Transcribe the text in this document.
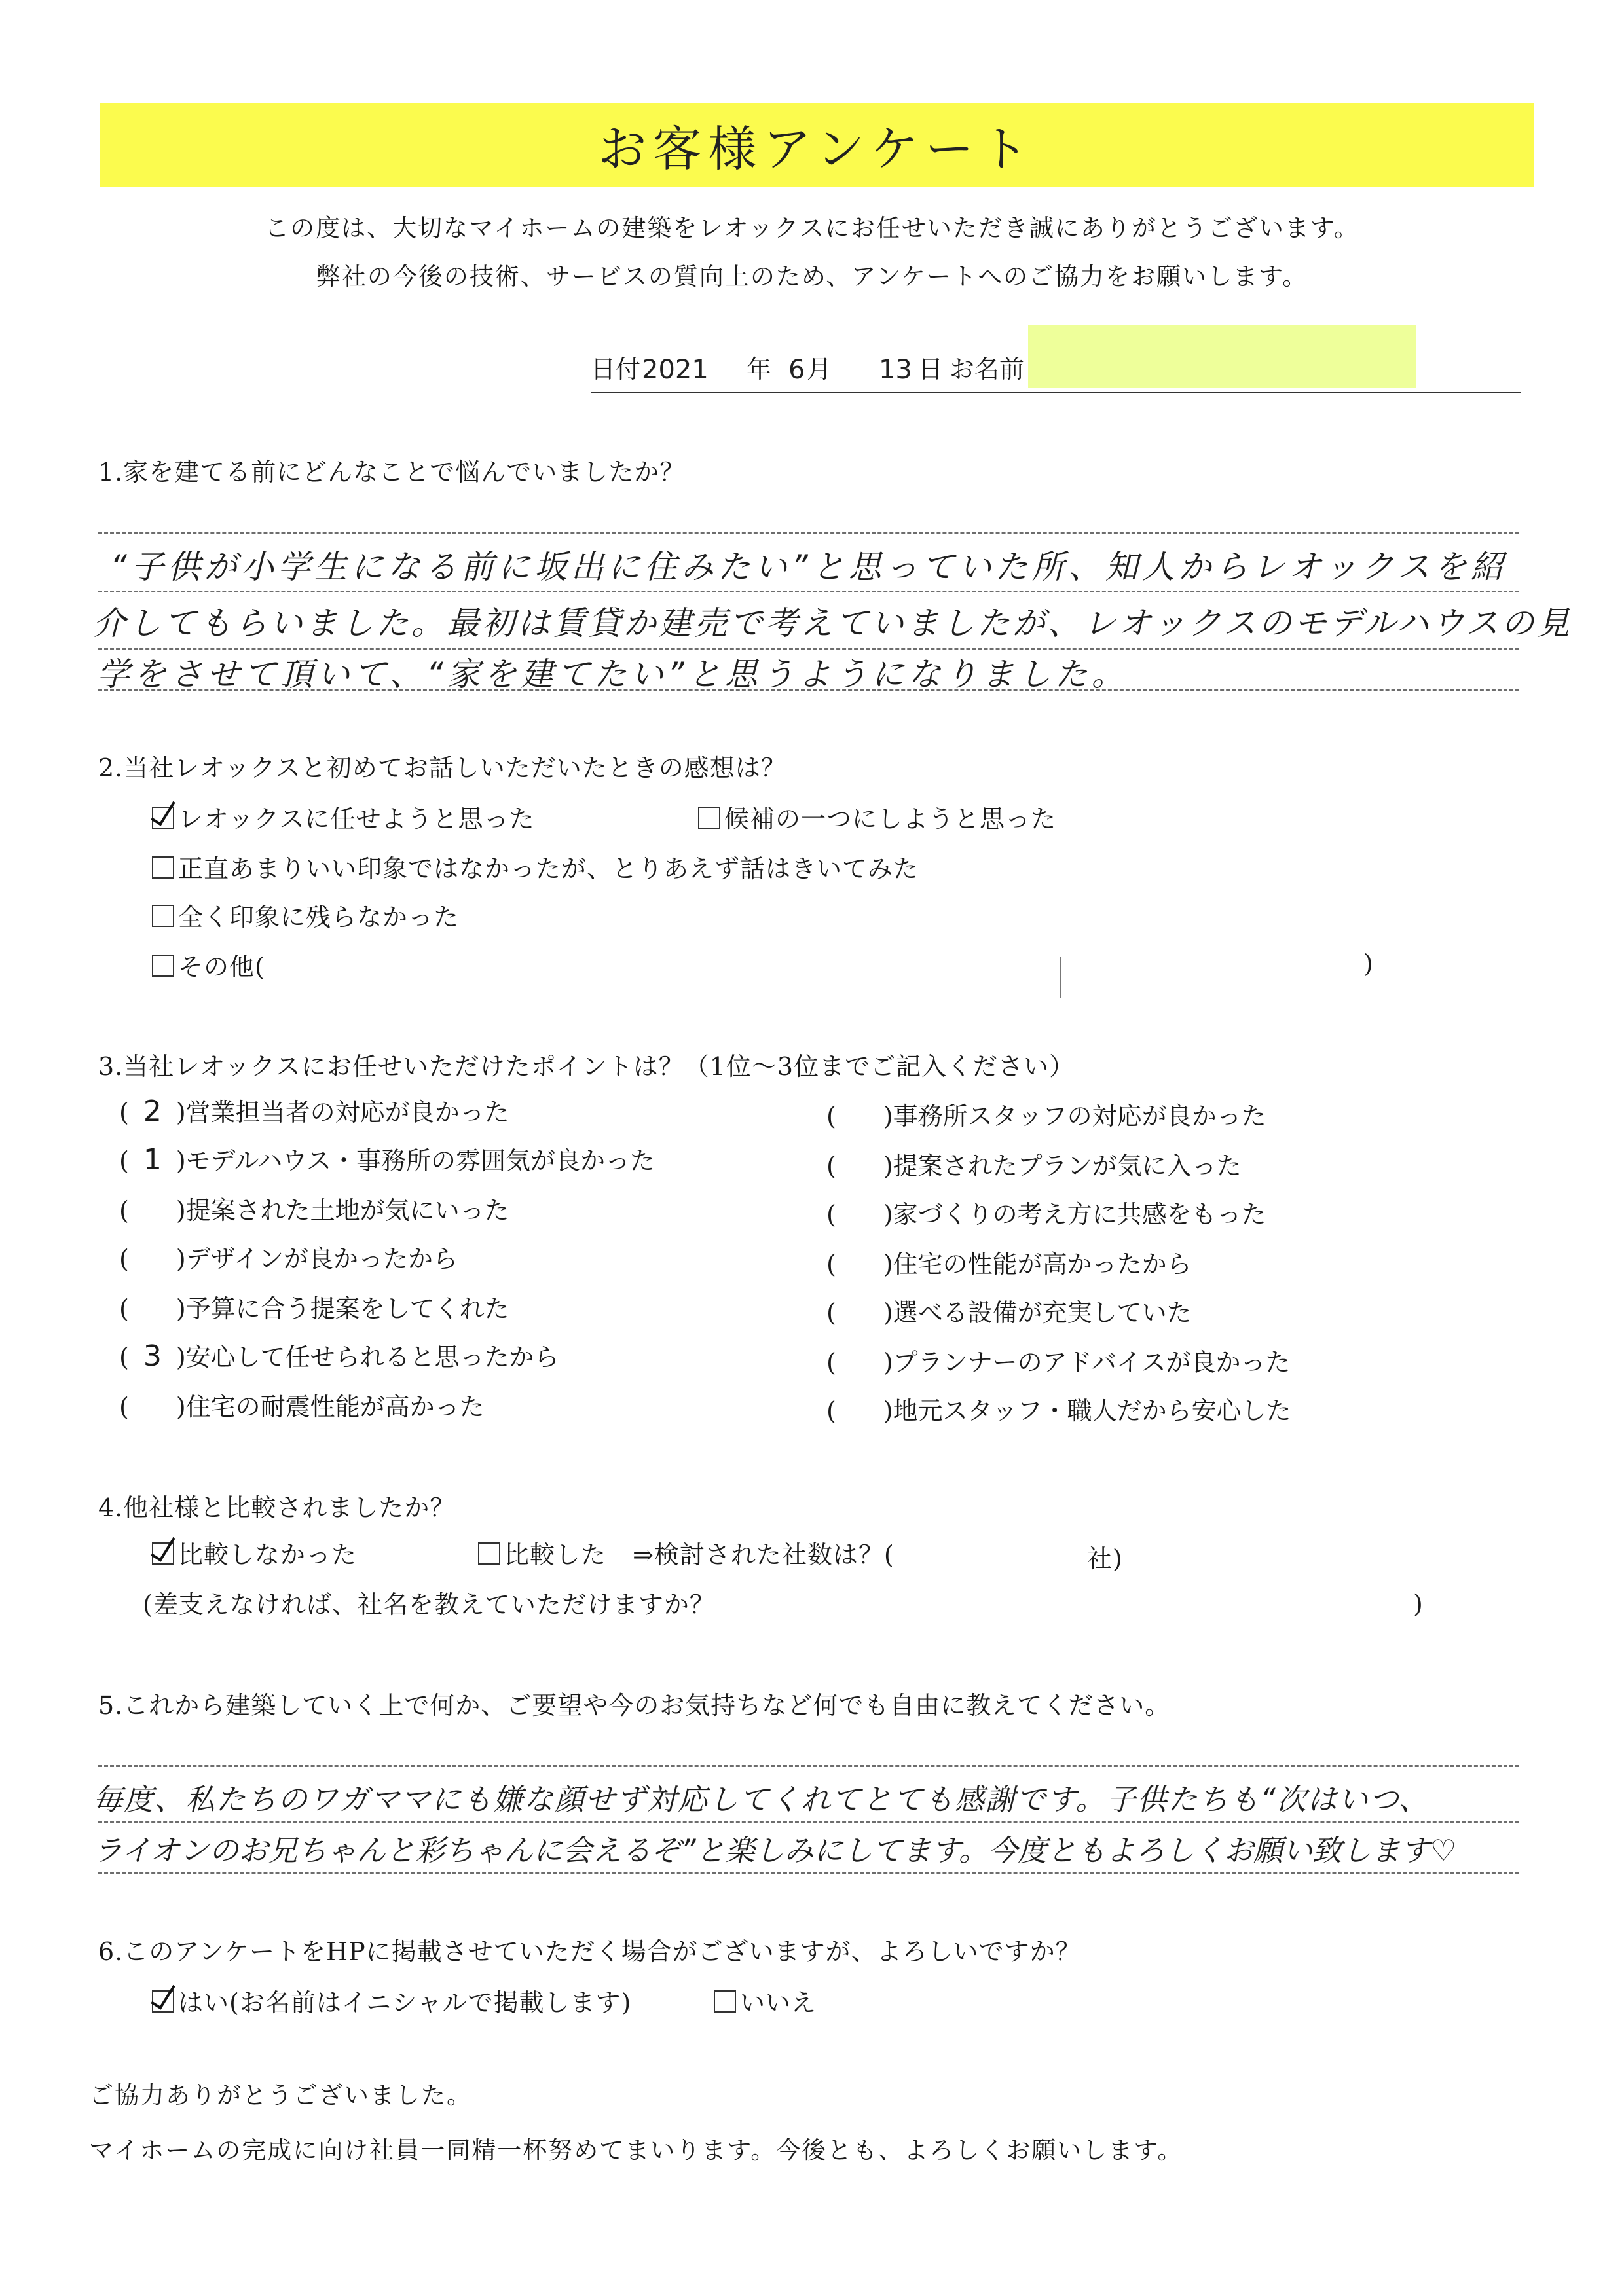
お客様アンケート
この度は、大切なマイホームの建築をレオックスにお任せいただき誠にありがとうございます。
弊社の今後の技術、サービスの質向上のため、アンケートへのご協力をお願いします。
日付 2021 年 6 月 13 日 お名前
1.家を建てる前にどんなことで悩んでいましたか？
“子供が小学生になる前に坂出に住みたい”と思っていた所、知人からレオックスを紹
介してもらいました。最初は賃貸か建売で考えていましたが、レオックスのモデルハウスの見
学をさせて頂いて、“家を建てたい”と思うようになりました。
2.当社レオックスと初めてお話しいただいたときの感想は？
レオックスに任せようと思った	候補の一つにしようと思った
正直あまりいい印象ではなかったが、とりあえず話はきいてみた
全く印象に残らなかった
その他(	)
3.当社レオックスにお任せいただけたポイントは？（1位〜3位までご記入ください）
( 2 )営業担当者の対応が良かった
( 1 )モデルハウス・事務所の雰囲気が良かった
( )提案された土地が気にいった
( )デザインが良かったから
( )予算に合う提案をしてくれた
( 3 )安心して任せられると思ったから
( )住宅の耐震性能が高かった
( )事務所スタッフの対応が良かった
( )提案されたプランが気に入った
( )家づくりの考え方に共感をもった
( )住宅の性能が高かったから
( )選べる設備が充実していた
( )プランナーのアドバイスが良かった
( )地元スタッフ・職人だから安心した
4.他社様と比較されましたか？
比較しなかった	比較した ⇒検討された社数は？(	社)
(差支えなければ、社名を教えていただけますか？	)
5.これから建築していく上で何か、ご要望や今のお気持ちなど何でも自由に教えてください。
毎度、私たちのワガママにも嫌な顔せず対応してくれてとても感謝です。子供たちも“次はいつ、
ライオンのお兄ちゃんと彩ちゃんに会えるぞ”と楽しみにしてます。今度ともよろしくお願い致します♡
6.このアンケートをHPに掲載させていただく場合がございますが、よろしいですか？
はい(お名前はイニシャルで掲載します)	いいえ
ご協力ありがとうございました。
マイホームの完成に向け社員一同精一杯努めてまいります。今後とも、よろしくお願いします。
